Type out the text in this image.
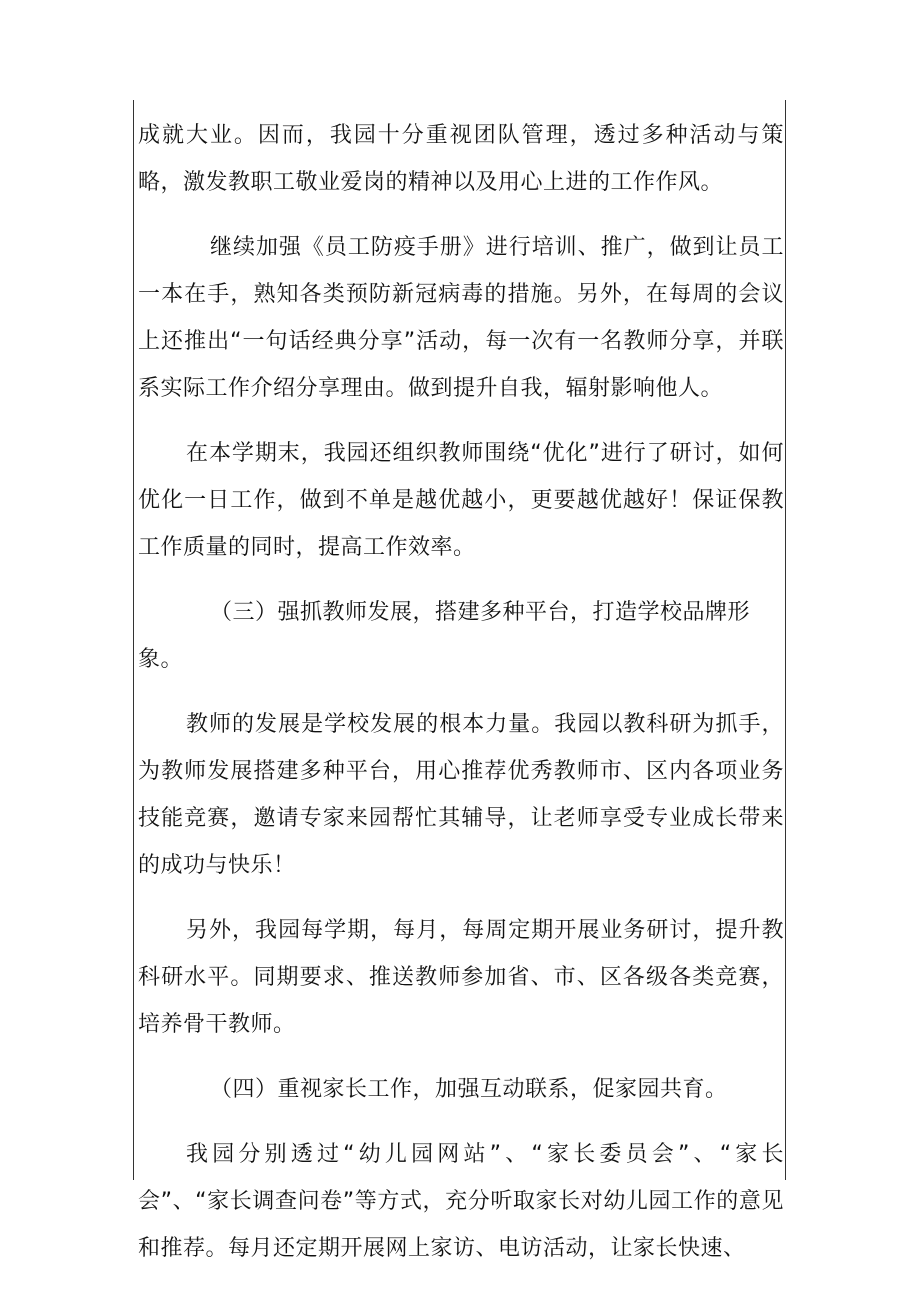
成就大业。因而，我园十分重视团队管理，透过多种活动与策略，激发教职工敬业爱岗的精神以及用心上进的工作作风。

继续加强《员工防疫手册》进行培训、推广，做到让员工一本在手，熟知各类预防新冠病毒的措施。另外，在每周的会议上还推出“一句话经典分享”活动，每一次有一名教师分享，并联系实际工作介绍分享理由。做到提升自我，辐射影响他人。

在本学期末，我园还组织教师围绕“优化”进行了研讨，如何优化一日工作，做到不单是越优越小，更要越优越好！保证保教工作质量的同时，提高工作效率。

（三）强抓教师发展，搭建多种平台，打造学校品牌形象。

教师的发展是学校发展的根本力量。我园以教科研为抓手，为教师发展搭建多种平台，用心推荐优秀教师市、区内各项业务技能竞赛，邀请专家来园帮忙其辅导，让老师享受专业成长带来的成功与快乐！

另外，我园每学期，每月，每周定期开展业务研讨，提升教科研水平。同期要求、推送教师参加省、市、区各级各类竞赛，培养骨干教师。

（四）重视家长工作，加强互动联系，促家园共育。

我园分别透过“幼儿园网站”、“家长委员会”、“家长会”、“家长调查问卷”等方式，充分听取家长对幼儿园工作的意见和推荐。每月还定期开展网上家访、电访活动，让家长快速、
